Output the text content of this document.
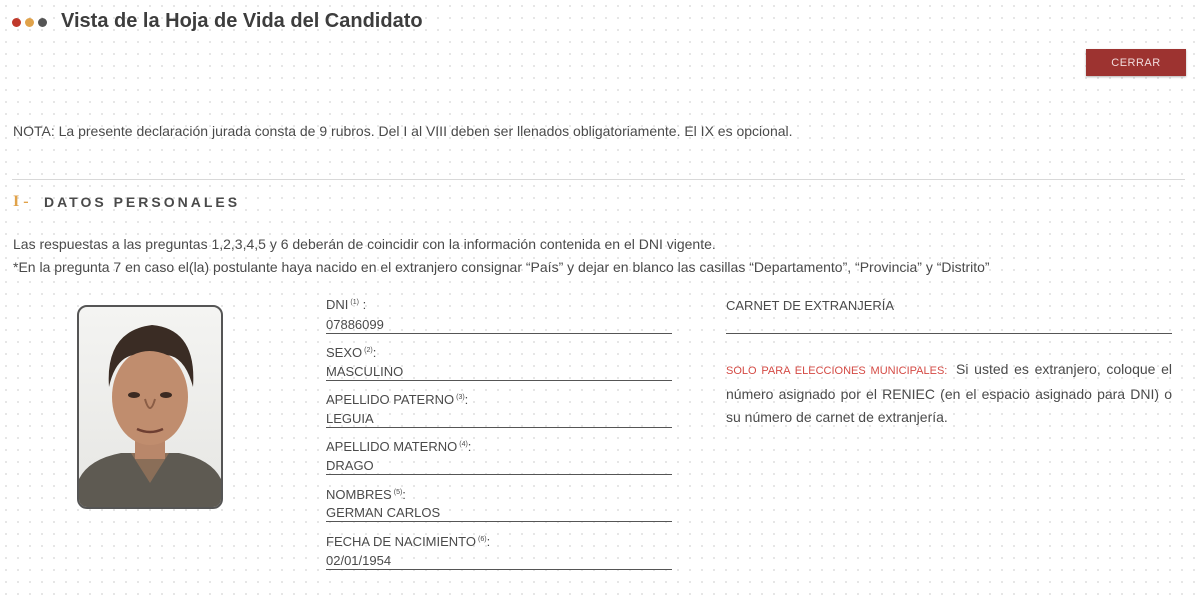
Vista de la Hoja de Vida del Candidato
CERRAR
NOTA: La presente declaración jurada consta de 9 rubros. Del I al VIII deben ser llenados obligatoriamente. El IX es opcional.
I - DATOS PERSONALES
Las respuestas a las preguntas 1,2,3,4,5 y 6 deberán de coincidir con la información contenida en el DNI vigente.
*En la pregunta 7 en caso el(la) postulante haya nacido en el extranjero consignar “País” y dejar en blanco las casillas “Departamento”, “Provincia” y “Distrito”
DNI $^{(1)}$ :
07886099
SEXO $^{(2)}$:
MASCULINO
APELLIDO PATERNO $^{(3)}$:
LEGUIA
APELLIDO MATERNO $^{(4)}$:
DRAGO
NOMBRES $^{(5)}$:
GERMAN CARLOS
FECHA DE NACIMIENTO $^{(6)}$:
02/01/1954
CARNET DE EXTRANJERÍA
SOLO PARA ELECCIONES MUNICIPALES: Si usted es extranjero, coloque el número asignado por el RENIEC (en el espacio asignado para DNI) o su número de carnet de extranjería.
